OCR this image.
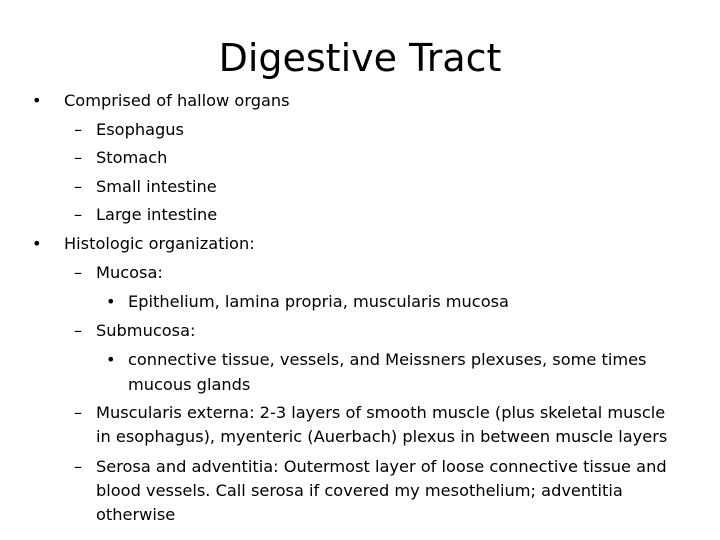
Digestive Tract
• Comprised of hallow organs
– Esophagus
– Stomach
– Small intestine
– Large intestine
• Histologic organization:
– Mucosa:
• Epithelium, lamina propria, muscularis mucosa
– Submucosa:
• connective tissue, vessels, and Meissners plexuses, some times
mucous glands
– Muscularis externa: 2-3 layers of smooth muscle (plus skeletal muscle
in esophagus), myenteric (Auerbach) plexus in between muscle layers
– Serosa and adventitia: Outermost layer of loose connective tissue and
blood vessels. Call serosa if covered my mesothelium; adventitia
otherwise
